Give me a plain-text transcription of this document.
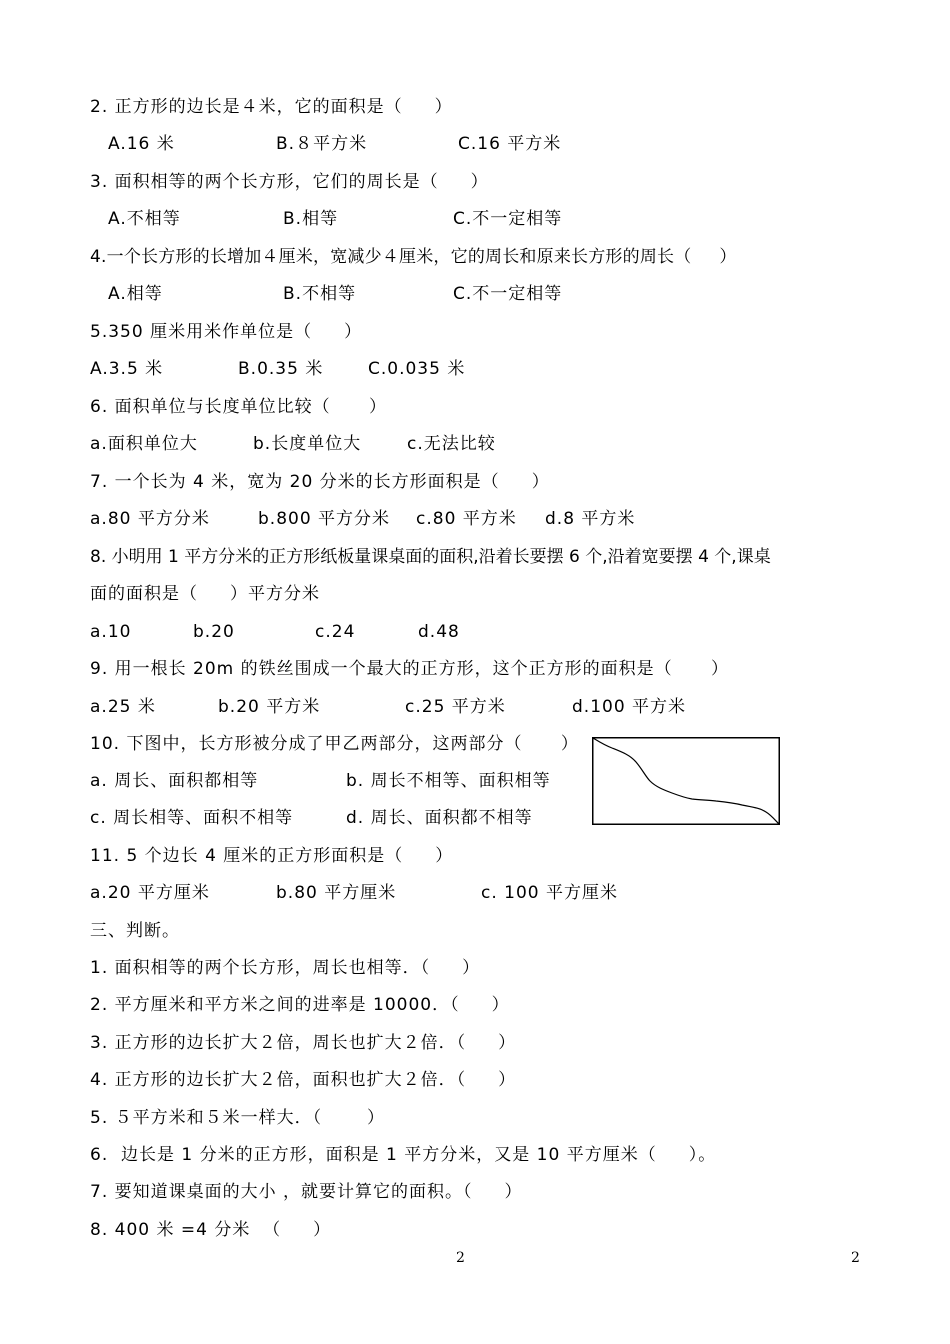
2. 正方形的边长是４米，它的面积是（     ）
A.16 米	B.８平方米	C.16 平方米
3. 面积相等的两个长方形，它们的周长是（     ）
A.不相等	B.相等	C.不一定相等
4.一个长方形的长增加４厘米，宽减少４厘米，它的周长和原来长方形的周长（     ）
A.相等	B.不相等	C.不一定相等
5.350 厘米用米作单位是（     ）
A.3.5 米	B.0.35 米	C.0.035 米
6. 面积单位与长度单位比较（      ）
a.面积单位大	b.长度单位大	c.无法比较
7. 一个长为 4 米，宽为 20 分米的长方形面积是（     ）
a.80 平方分米	b.800 平方分米 c.80 平方米 d.8 平方米
8. 小明用 1 平方分米的正方形纸板量课桌面的面积,沿着长要摆 6 个,沿着宽要摆 4 个,课桌
面的面积是（     ）平方分米
a.10	b.20	c.24	d.48
9. 用一根长 20m 的铁丝围成一个最大的正方形，这个正方形的面积是（      ）
a.25 米	b.20 平方米	c.25 平方米	d.100 平方米
10. 下图中，长方形被分成了甲乙两部分，这两部分（      ）
a. 周长、面积都相等	b. 周长不相等、面积相等
c. 周长相等、面积不相等	d. 周长、面积都不相等
11. 5 个边长 4 厘米的正方形面积是（     ）
a.20 平方厘米	b.80 平方厘米	c. 100 平方厘米
三、判断。
1. 面积相等的两个长方形，周长也相等．（     ）
2. 平方厘米和平方米之间的进率是 10000．（     ）
3. 正方形的边长扩大２倍，周长也扩大２倍．（     ）
4. 正方形的边长扩大２倍，面积也扩大２倍．（     ）
5. ５平方米和５米一样大．（       ）
6.  边长是 1 分米的正方形，面积是 1 平方分米，又是 10 平方厘米（     ）。
7. 要知道课桌面的大小 ，就要计算它的面积。（     ）
8. 400 米 =4 分米  （     ）
2	2
